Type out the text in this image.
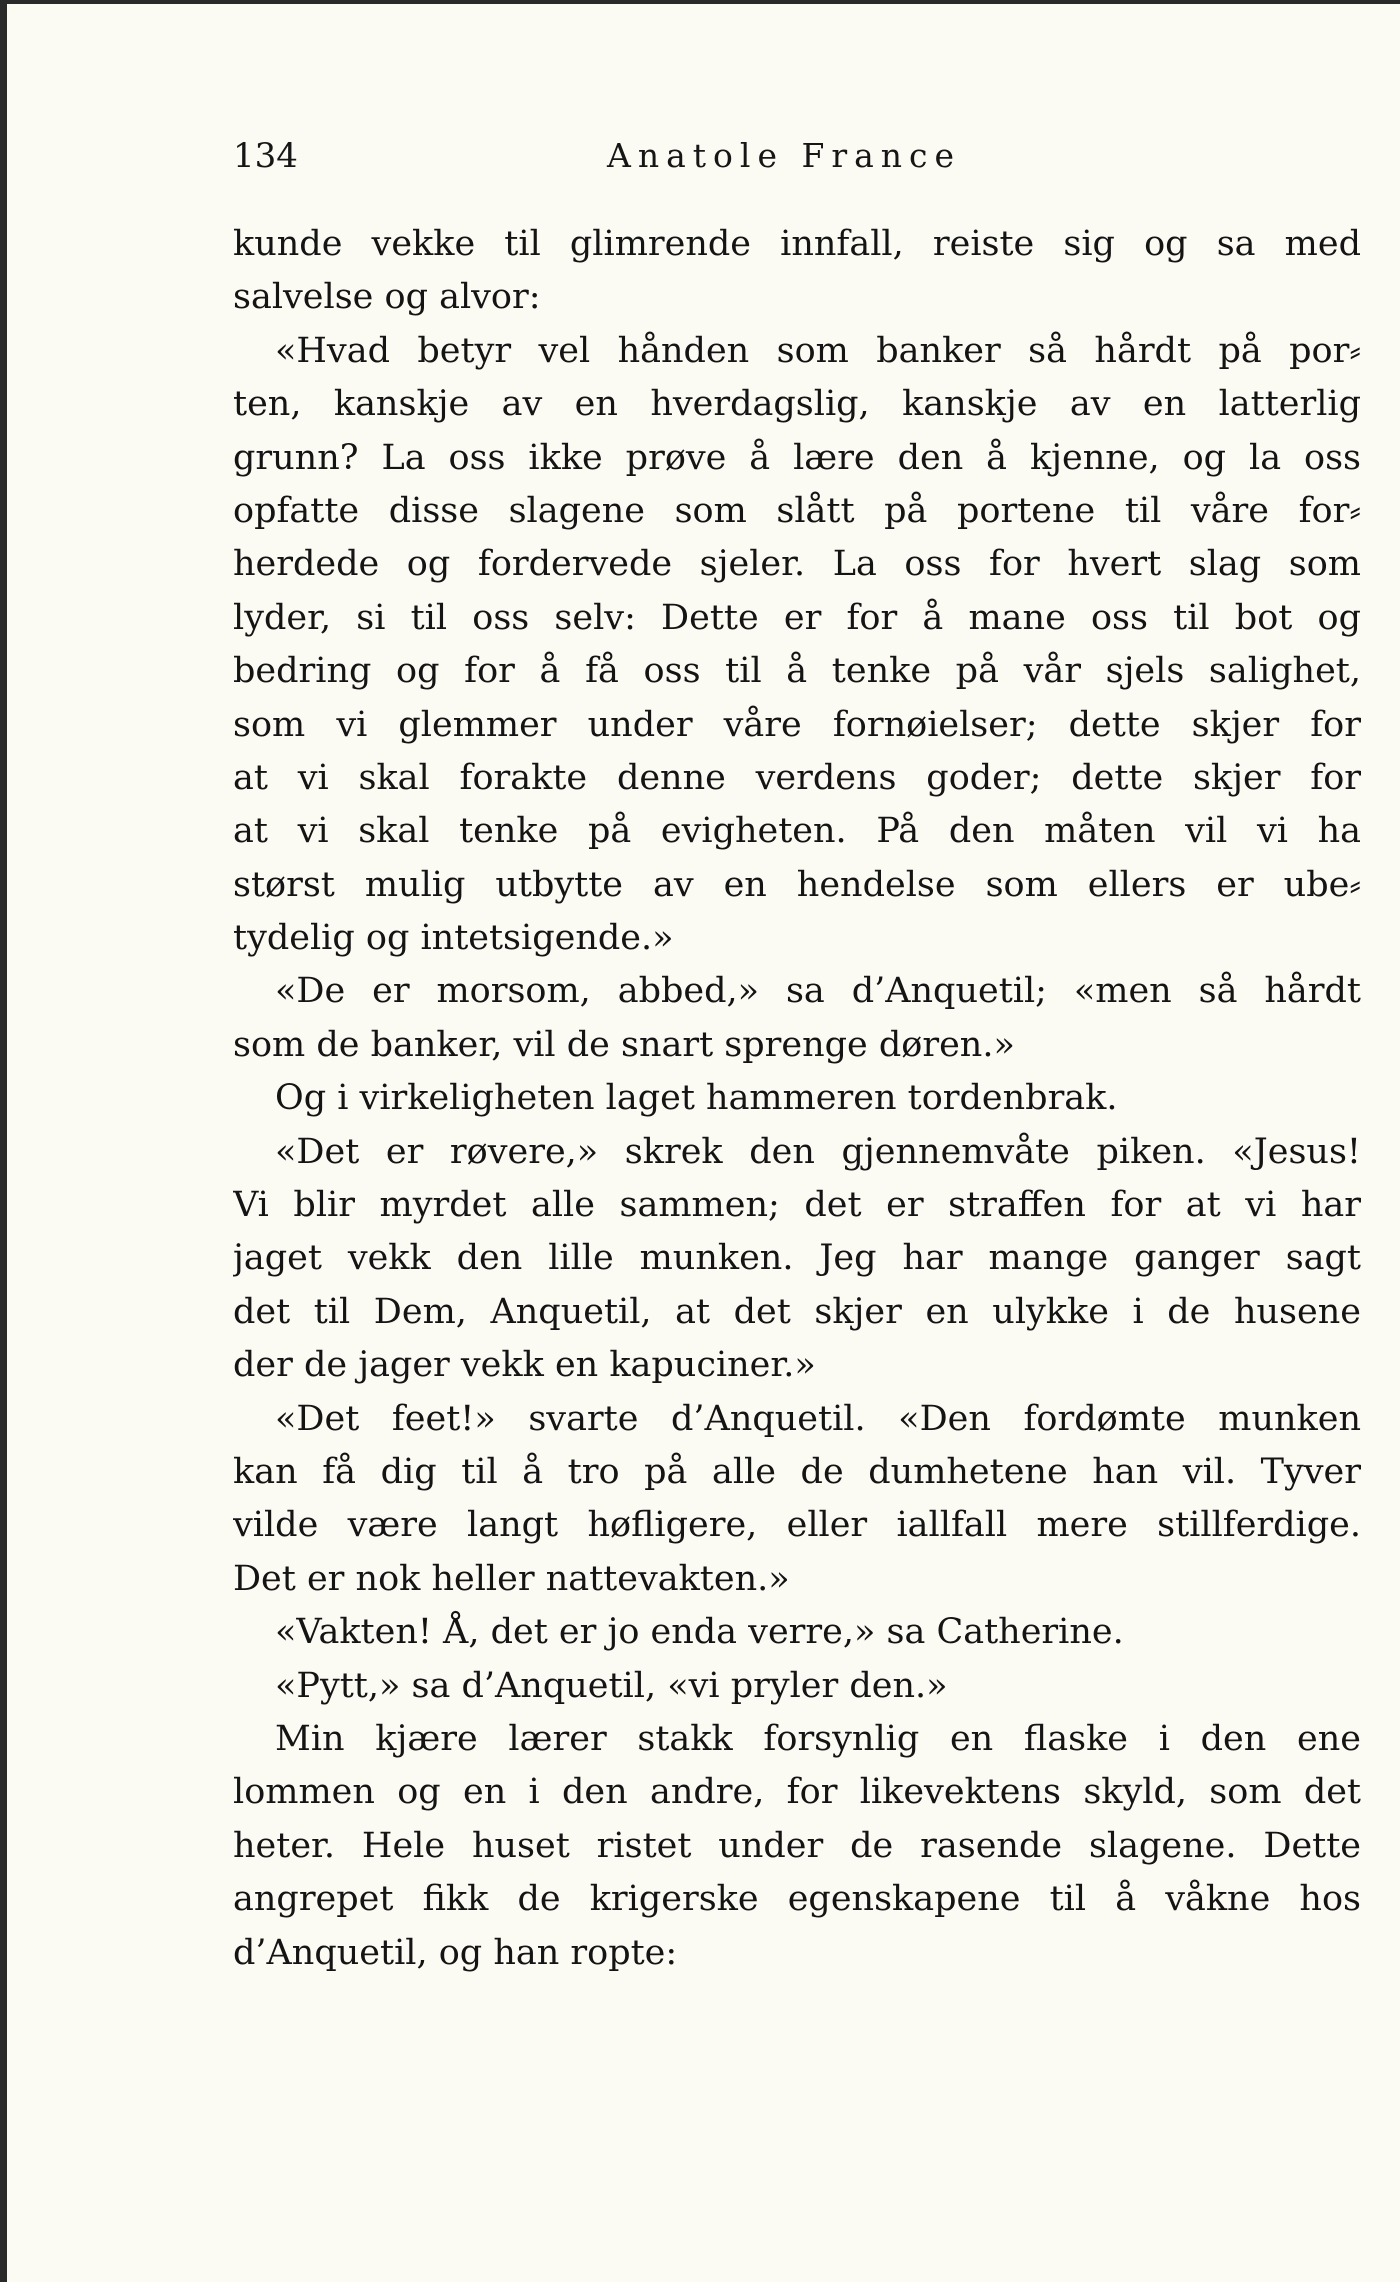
134	Anatole France
kunde vekke til glimrende innfall, reiste sig og sa med
salvelse og alvor:
«Hvad betyr vel hånden som banker så hårdt på por⸗
ten, kanskje av en hverdagslig, kanskje av en latterlig
grunn? La oss ikke prøve å lære den å kjenne, og la oss
opfatte disse slagene som slått på portene til våre for⸗
herdede og fordervede sjeler. La oss for hvert slag som
lyder, si til oss selv: Dette er for å mane oss til bot og
bedring og for å få oss til å tenke på vår sjels salighet,
som vi glemmer under våre fornøielser; dette skjer for
at vi skal forakte denne verdens goder; dette skjer for
at vi skal tenke på evigheten. På den måten vil vi ha
størst mulig utbytte av en hendelse som ellers er ube⸗
tydelig og intetsigende.»
«De er morsom, abbed,» sa d’Anquetil; «men så hårdt
som de banker, vil de snart sprenge døren.»
Og i virkeligheten laget hammeren tordenbrak.
«Det er røvere,» skrek den gjennemvåte piken. «Jesus!
Vi blir myrdet alle sammen; det er straffen for at vi har
jaget vekk den lille munken. Jeg har mange ganger sagt
det til Dem, Anquetil, at det skjer en ulykke i de husene
der de jager vekk en kapuciner.»
«Det feet!» svarte d’Anquetil. «Den fordømte munken
kan få dig til å tro på alle de dumhetene han vil. Tyver
vilde være langt høfligere, eller iallfall mere stillferdige.
Det er nok heller nattevakten.»
«Vakten! Å, det er jo enda verre,» sa Catherine.
«Pytt,» sa d’Anquetil, «vi pryler den.»
Min kjære lærer stakk forsynlig en flaske i den ene
lommen og en i den andre, for likevektens skyld, som det
heter. Hele huset ristet under de rasende slagene. Dette
angrepet fikk de krigerske egenskapene til å våkne hos
d’Anquetil, og han ropte:
